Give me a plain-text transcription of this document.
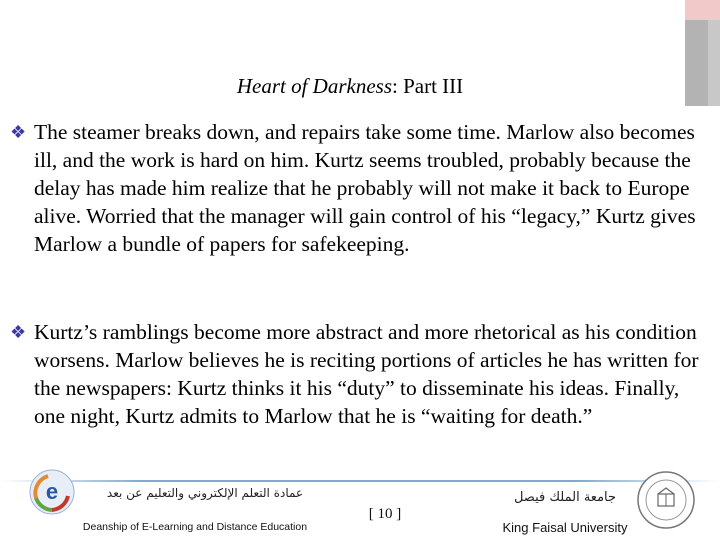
Heart of Darkness: Part III
❖ The steamer breaks down, and repairs take some time. Marlow also becomes ill, and the work is hard on him. Kurtz seems troubled, probably because the delay has made him realize that he probably will not make it back to Europe alive. Worried that the manager will gain control of his “legacy,” Kurtz gives Marlow a bundle of papers for safekeeping.
❖ Kurtz’s ramblings become more abstract and more rhetorical as his condition worsens. Marlow believes he is reciting portions of articles he has written for the newspapers: Kurtz thinks it his “duty” to disseminate his ideas. Finally, one night, Kurtz admits to Marlow that he is “waiting for death.”
e	عمادة التعلم الإلكتروني والتعليم عن بعد
Deanship of E-Learning and Distance Education
[ 10 ]
جامعة الملك فيصل
King Faisal University
